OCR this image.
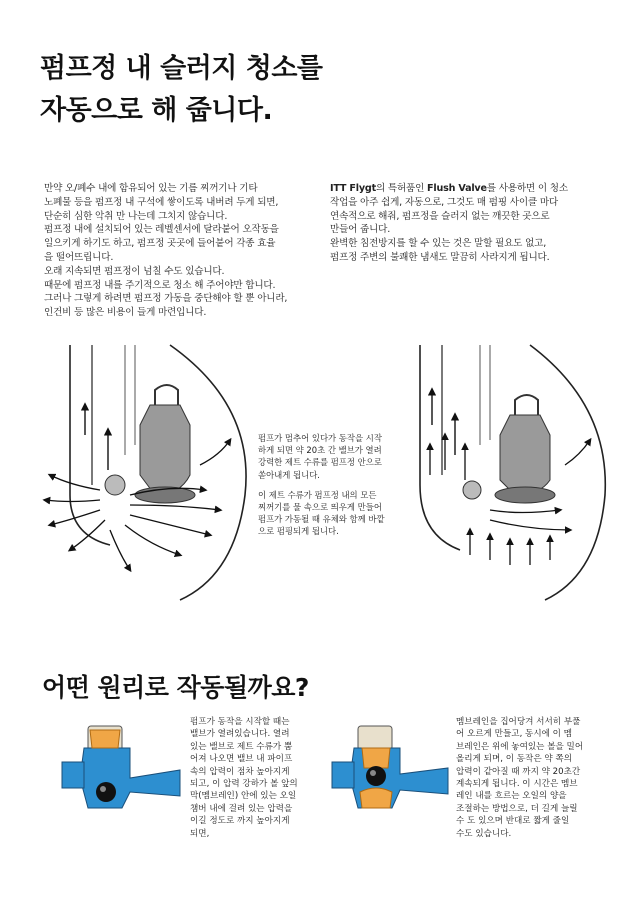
펌프정 내 슬러지 청소를
자동으로 해 줍니다.
만약 오/폐수 내에 함유되어 있는 기름 찌꺼기나 기타
노폐물 등을 펌프정 내 구석에 쌓이도록 내버려 두게 되면,
단순히 심한 악취 만 나는데 그치지 않습니다.
펌프정 내에 설치되어 있는 레벨센서에 달라붙어 오작동을
일으키게 하기도 하고, 펌프정 곳곳에 들어붙어 각종 효율
을 떨어뜨립니다.
오래 지속되면 펌프정이 넘칠 수도 있습니다.
때문에 펌프정 내를 주기적으로 청소 해 주어야만 합니다.
그러나 그렇게 하려면 펌프정 가동을 중단해야 할 뿐 아니라,
인건비 등 많은 비용이 들게 마련입니다.
ITT Flygt의 특허품인 Flush Valve를 사용하면 이 청소
작업을 아주 쉽게, 자동으로, 그것도 매 펌핑 사이클 마다
연속적으로 해줘, 펌프정을 슬러지 없는 깨끗한 곳으로
만들어 줍니다.
완벽한 침전방지를 할 수 있는 것은 말할 필요도 없고,
펌프정 주변의 불쾌한 냄새도 말끔히 사라지게 됩니다.
펌프가 멈추어 있다가 동작을 시작
하게 되면 약 20초 간 밸브가 열려
강력한 제트 수류를 펌프정 안으로
쏟아내게 됩니다.
이 제트 수류가 펌프정 내의 모든
찌꺼기를 물 속으로 띄우게 만들어
펌프가 가동될 때 유체와 함께 바깥
으로 펌핑되게 됩니다.
어떤 원리로 작동될까요?
펌프가 동작을 시작할 때는
밸브가 열려있습니다. 열려
있는 밸브로 제트 수류가 뿜
어져 나오면 밸브 내 파이프
속의 압력이 점차 높아지게
되고, 이 압력 강하가 볼 앞의
막(멤브레인) 안에 있는 오일
챔버 내에 걸려 있는 압력을
이길 정도로 까지 높아지게
되면,
멤브레인을 집어당겨 서서히 부풀
어 오르게 만들고, 동시에 이 멤
브레인은 위에 놓여있는 볼을 밀어
올리게 되며, 이 동작은 약 쪽의
압력이 같아질 때 까지 약 20초간
계속되게 됩니다. 이 시간은 멤브
레인 내를 흐르는 오일의 양을
조절하는 방법으로, 더 길게 늘릴
수 도 있으며 반대로 짧게 줄일
수도 있습니다.
